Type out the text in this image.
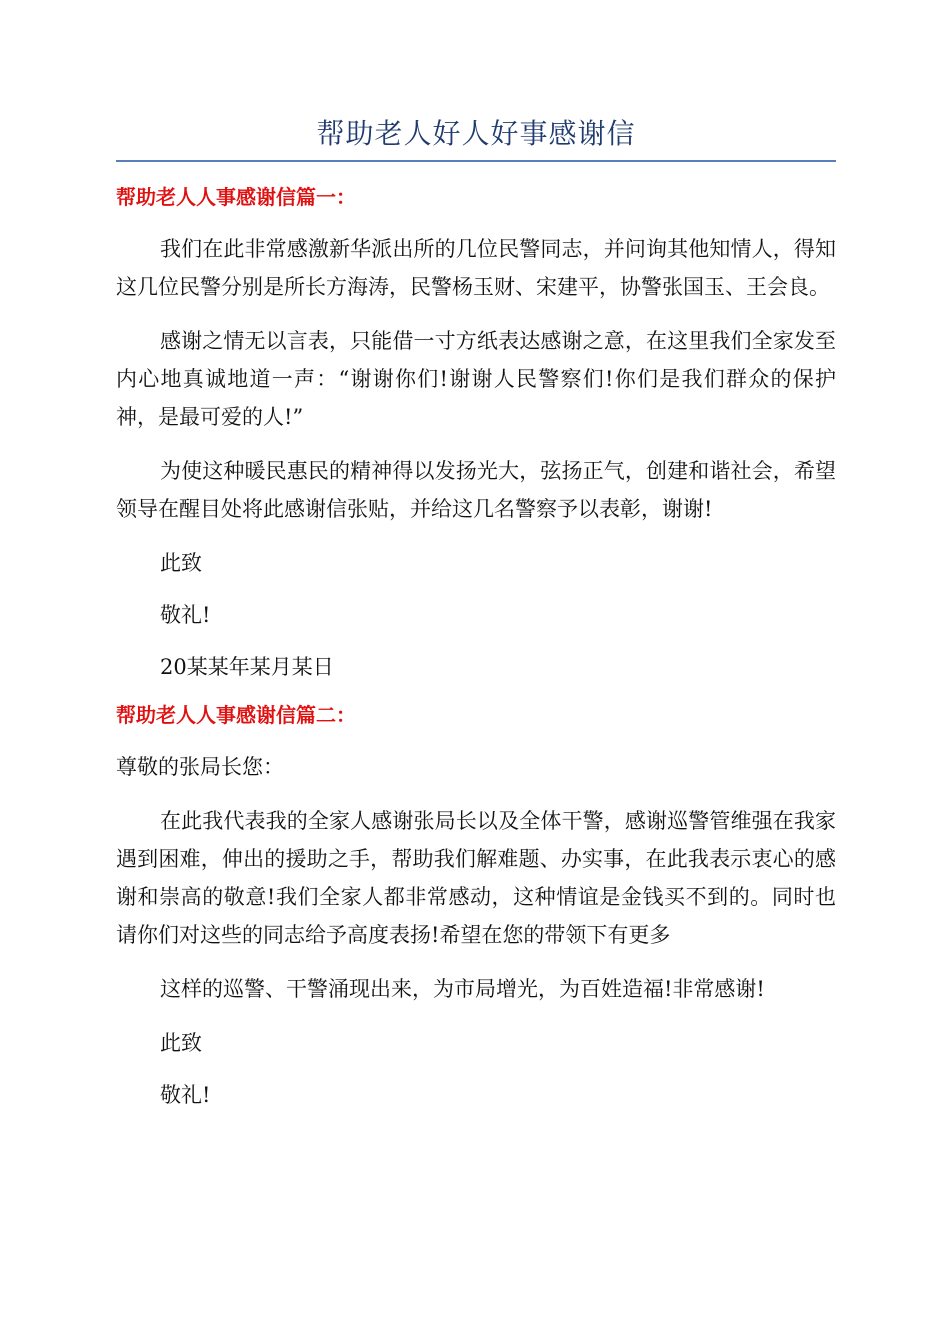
帮助老人好人好事感谢信
帮助老人人事感谢信篇一：

我们在此非常感激新华派出所的几位民警同志，并问询其他知情人，得知这几位民警分别是所长方海涛，民警杨玉财、宋建平，协警张国玉、王会良。

感谢之情无以言表，只能借一寸方纸表达感谢之意，在这里我们全家发至内心地真诚地道一声：“谢谢你们!谢谢人民警察们!你们是我们群众的保护神，是最可爱的人!”

为使这种暖民惠民的精神得以发扬光大，弦扬正气，创建和谐社会，希望领导在醒目处将此感谢信张贴，并给这几名警察予以表彰，谢谢!

此致

敬礼!

20某某年某月某日

帮助老人人事感谢信篇二：

尊敬的张局长您：

在此我代表我的全家人感谢张局长以及全体干警，感谢巡警管维强在我家遇到困难，伸出的援助之手，帮助我们解难题、办实事，在此我表示衷心的感谢和崇高的敬意!我们全家人都非常感动，这种情谊是金钱买不到的。同时也请你们对这些的同志给予高度表扬!希望在您的带领下有更多

这样的巡警、干警涌现出来，为市局增光，为百姓造福!非常感谢!

此致

敬礼!
